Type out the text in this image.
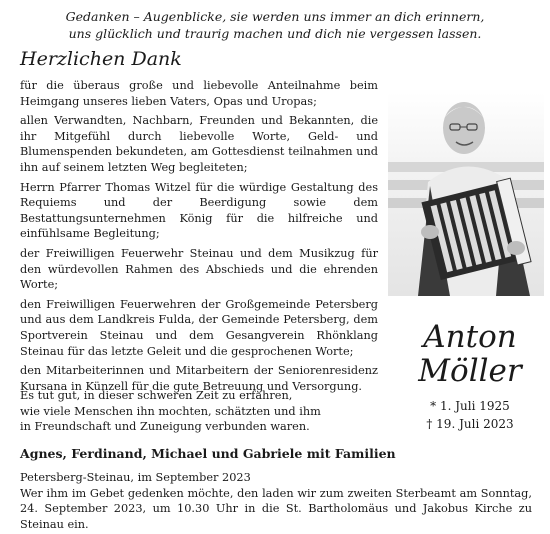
Gedanken – Augenblicke, sie werden uns immer an dich erinnern,
uns glücklich und traurig machen und dich nie vergessen lassen.
Herzlichen Dank

für die überaus große und liebevolle Anteilnahme beim Heimgang unseres lieben Vaters, Opas und Uropas;

allen Verwandten, Nachbarn, Freunden und Bekannten, die ihr Mitgefühl durch liebevolle Worte, Geld- und Blumenspenden bekundeten, am Gottesdienst teilnahmen und ihn auf seinem letzten Weg begleiteten;

Herrn Pfarrer Thomas Witzel für die würdige Gestaltung des Requiems und der Beerdigung sowie dem Bestattungsunternehmen König für die hilfreiche und einfühlsame Begleitung;

der Freiwilligen Feuerwehr Steinau und dem Musikzug für den würdevollen Rahmen des Abschieds und die ehrenden Worte;

den Freiwilligen Feuerwehren der Großgemeinde Petersberg und aus dem Landkreis Fulda, der Gemeinde Petersberg, dem Sportverein Steinau und dem Gesangverein Rhönklang Steinau für das letzte Geleit und die gesprochenen Worte;

den Mitarbeiterinnen und Mitarbeitern der Seniorenresidenz Kursana in Künzell für die gute Betreuung und Versorgung.

Anton
Möller
* 1. Juli 1925
† 19. Juli 2023
Es tut gut, in dieser schweren Zeit zu erfahren,
wie viele Menschen ihn mochten, schätzten und ihm
in Freundschaft und Zuneigung verbunden waren.
Agnes, Ferdinand, Michael und Gabriele mit Familien
Petersberg-Steinau, im September 2023
Wer ihm im Gebet gedenken möchte, den laden wir zum zweiten Sterbeamt am Sonntag, 24. September 2023, um 10.30 Uhr in die St. Bartholomäus und Jakobus Kirche zu Steinau ein.
